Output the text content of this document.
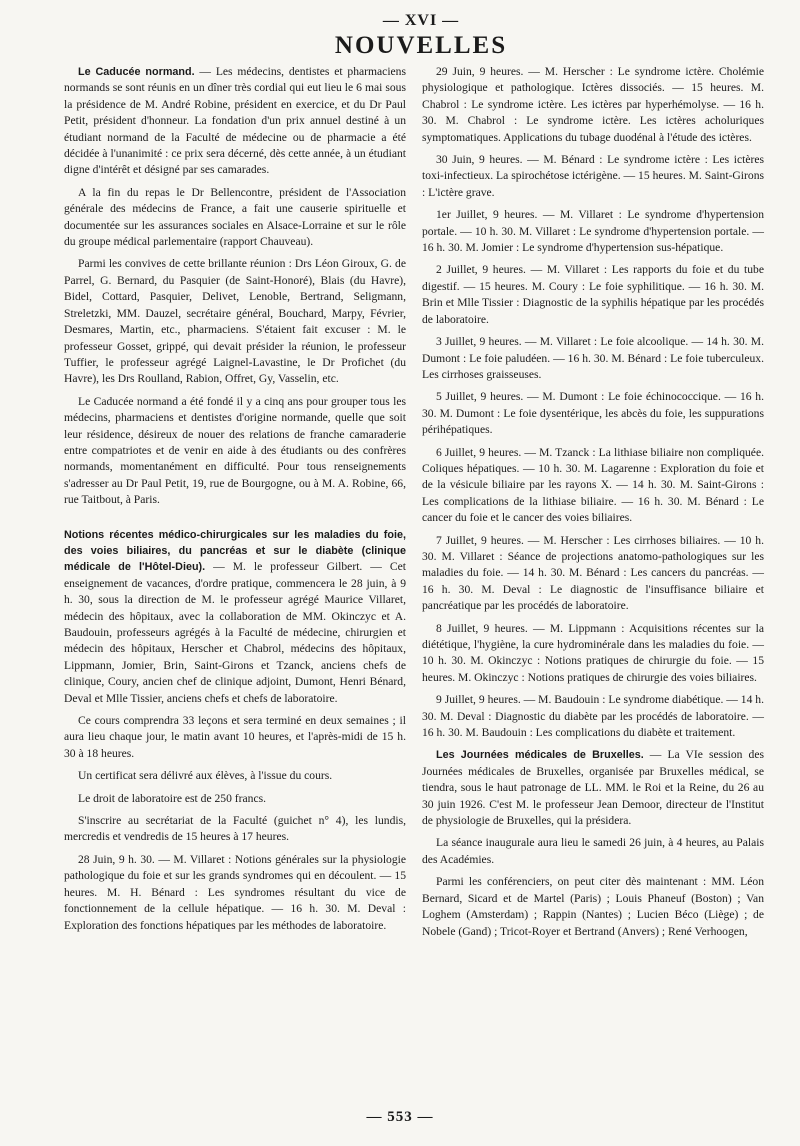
— XVI —
NOUVELLES

Le Caducée normand. — Les médecins, dentistes et pharmaciens normands se sont réunis en un dîner très cordial qui eut lieu le 6 mai sous la présidence de M. André Robine, président en exercice, et du Dr Paul Petit, président d'honneur. La fondation d'un prix annuel destiné à un étudiant normand de la Faculté de médecine ou de pharmacie a été décidée à l'unanimité : ce prix sera décerné, dès cette année, à un étudiant digne d'intérêt et désigné par ses camarades.

A la fin du repas le Dr Bellencontre, président de l'Association générale des médecins de France, a fait une causerie spirituelle et documentée sur les assurances sociales en Alsace-Lorraine et sur le rôle du groupe médical parlementaire (rapport Chauveau).

Parmi les convives de cette brillante réunion : Drs Léon Giroux, G. de Parrel, G. Bernard, du Pasquier (de Saint-Honoré), Blais (du Havre), Bidel, Cottard, Pasquier, Delivet, Lenoble, Bertrand, Seligmann, Streletzki, MM. Dauzel, secrétaire général, Bouchard, Marpy, Février, Desmares, Martin, etc., pharmaciens. S'étaient fait excuser : M. le professeur Gosset, grippé, qui devait présider la réunion, le professeur Tuffier, le professeur agrégé Laignel-Lavastine, le Dr Profichet (du Havre), les Drs Roulland, Rabion, Offret, Gy, Vasselin, etc.

Le Caducée normand a été fondé il y a cinq ans pour grouper tous les médecins, pharmaciens et dentistes d'origine normande, quelle que soit leur résidence, désireux de nouer des relations de franche camaraderie entre compatriotes et de venir en aide à des étudiants ou des confrères normands, momentanément en difficulté. Pour tous renseignements s'adresser au Dr Paul Petit, 19, rue de Bourgogne, ou à M. A. Robine, 66, rue Taitbout, à Paris.

Notions récentes médico-chirurgicales sur les maladies du foie, des voies biliaires, du pancréas et sur le diabète (clinique médicale de l'Hôtel-Dieu). — M. le professeur Gilbert. — Cet enseignement de vacances, d'ordre pratique, commencera le 28 juin, à 9 h. 30, sous la direction de M. le professeur agrégé Maurice Villaret, médecin des hôpitaux, avec la collaboration de MM. Okinczyc et A. Baudouin, professeurs agrégés à la Faculté de médecine, chirurgien et médecin des hôpitaux, Herscher et Chabrol, médecins des hôpitaux, Lippmann, Jomier, Brin, Saint-Girons et Tzanck, anciens chefs de clinique, Coury, ancien chef de clinique adjoint, Dumont, Henri Bénard, Deval et Mlle Tissier, anciens chefs et chefs de laboratoire.

Ce cours comprendra 33 leçons et sera terminé en deux semaines ; il aura lieu chaque jour, le matin avant 10 heures, et l'après-midi de 15 h. 30 à 18 heures.

Un certificat sera délivré aux élèves, à l'issue du cours.

Le droit de laboratoire est de 250 francs.

S'inscrire au secrétariat de la Faculté (guichet n° 4), les lundis, mercredis et vendredis de 15 heures à 17 heures.

28 Juin, 9 h. 30. — M. Villaret : Notions générales sur la physiologie pathologique du foie et sur les grands syndromes qui en découlent. — 15 heures. M. H. Bénard : Les syndromes résultant du vice de fonctionnement de la cellule hépatique. — 16 h. 30. M. Deval : Exploration des fonctions hépatiques par les méthodes de laboratoire.

29 Juin, 9 heures. — M. Herscher : Le syndrome ictère. Cholémie physiologique et pathologique. Ictères dissociés. — 15 heures. M. Chabrol : Le syndrome ictère. Les ictères par hyperhémolyse. — 16 h. 30. M. Chabrol : Le syndrome ictère. Les ictères acholuriques symptomatiques. Applications du tubage duodénal à l'étude des ictères.

30 Juin, 9 heures. — M. Bénard : Le syndrome ictère : Les ictères toxi-infectieux. La spirochétose ictérigène. — 15 heures. M. Saint-Girons : L'ictère grave.

1er Juillet, 9 heures. — M. Villaret : Le syndrome d'hypertension portale. — 10 h. 30. M. Villaret : Le syndrome d'hypertension portale. — 16 h. 30. M. Jomier : Le syndrome d'hypertension sus-hépatique.

2 Juillet, 9 heures. — M. Villaret : Les rapports du foie et du tube digestif. — 15 heures. M. Coury : Le foie syphilitique. — 16 h. 30. M. Brin et Mlle Tissier : Diagnostic de la syphilis hépatique par les procédés de laboratoire.

3 Juillet, 9 heures. — M. Villaret : Le foie alcoolique. — 14 h. 30. M. Dumont : Le foie paludéen. — 16 h. 30. M. Bénard : Le foie tuberculeux. Les cirrhoses graisseuses.

5 Juillet, 9 heures. — M. Dumont : Le foie échinococcique. — 16 h. 30. M. Dumont : Le foie dysentérique, les abcès du foie, les suppurations périhépatiques.

6 Juillet, 9 heures. — M. Tzanck : La lithiase biliaire non compliquée. Coliques hépatiques. — 10 h. 30. M. Lagarenne : Exploration du foie et de la vésicule biliaire par les rayons X. — 14 h. 30. M. Saint-Girons : Les complications de la lithiase biliaire. — 16 h. 30. M. Bénard : Le cancer du foie et le cancer des voies biliaires.

7 Juillet, 9 heures. — M. Herscher : Les cirrhoses biliaires. — 10 h. 30. M. Villaret : Séance de projections anatomo-pathologiques sur les maladies du foie. — 14 h. 30. M. Bénard : Les cancers du pancréas. — 16 h. 30. M. Deval : Le diagnostic de l'insuffisance biliaire et pancréatique par les procédés de laboratoire.

8 Juillet, 9 heures. — M. Lippmann : Acquisitions récentes sur la diététique, l'hygiène, la cure hydrominérale dans les maladies du foie. — 10 h. 30. M. Okinczyc : Notions pratiques de chirurgie du foie. — 15 heures. M. Okinczyc : Notions pratiques de chirurgie des voies biliaires.

9 Juillet, 9 heures. — M. Baudouin : Le syndrome diabétique. — 14 h. 30. M. Deval : Diagnostic du diabète par les procédés de laboratoire. — 16 h. 30. M. Baudouin : Les complications du diabète et traitement.

Les Journées médicales de Bruxelles. — La VIe session des Journées médicales de Bruxelles, organisée par Bruxelles médical, se tiendra, sous le haut patronage de LL. MM. le Roi et la Reine, du 26 au 30 juin 1926. C'est M. le professeur Jean Demoor, directeur de l'Institut de physiologie de Bruxelles, qui la présidera.

La séance inaugurale aura lieu le samedi 26 juin, à 4 heures, au Palais des Académies.

Parmi les conférenciers, on peut citer dès maintenant : MM. Léon Bernard, Sicard et de Martel (Paris) ; Louis Phaneuf (Boston) ; Van Loghem (Amsterdam) ; Rappin (Nantes) ; Lucien Béco (Liège) ; de Nobele (Gand) ; Tricot-Royer et Bertrand (Anvers) ; René Verhoogen,

— 553 —
